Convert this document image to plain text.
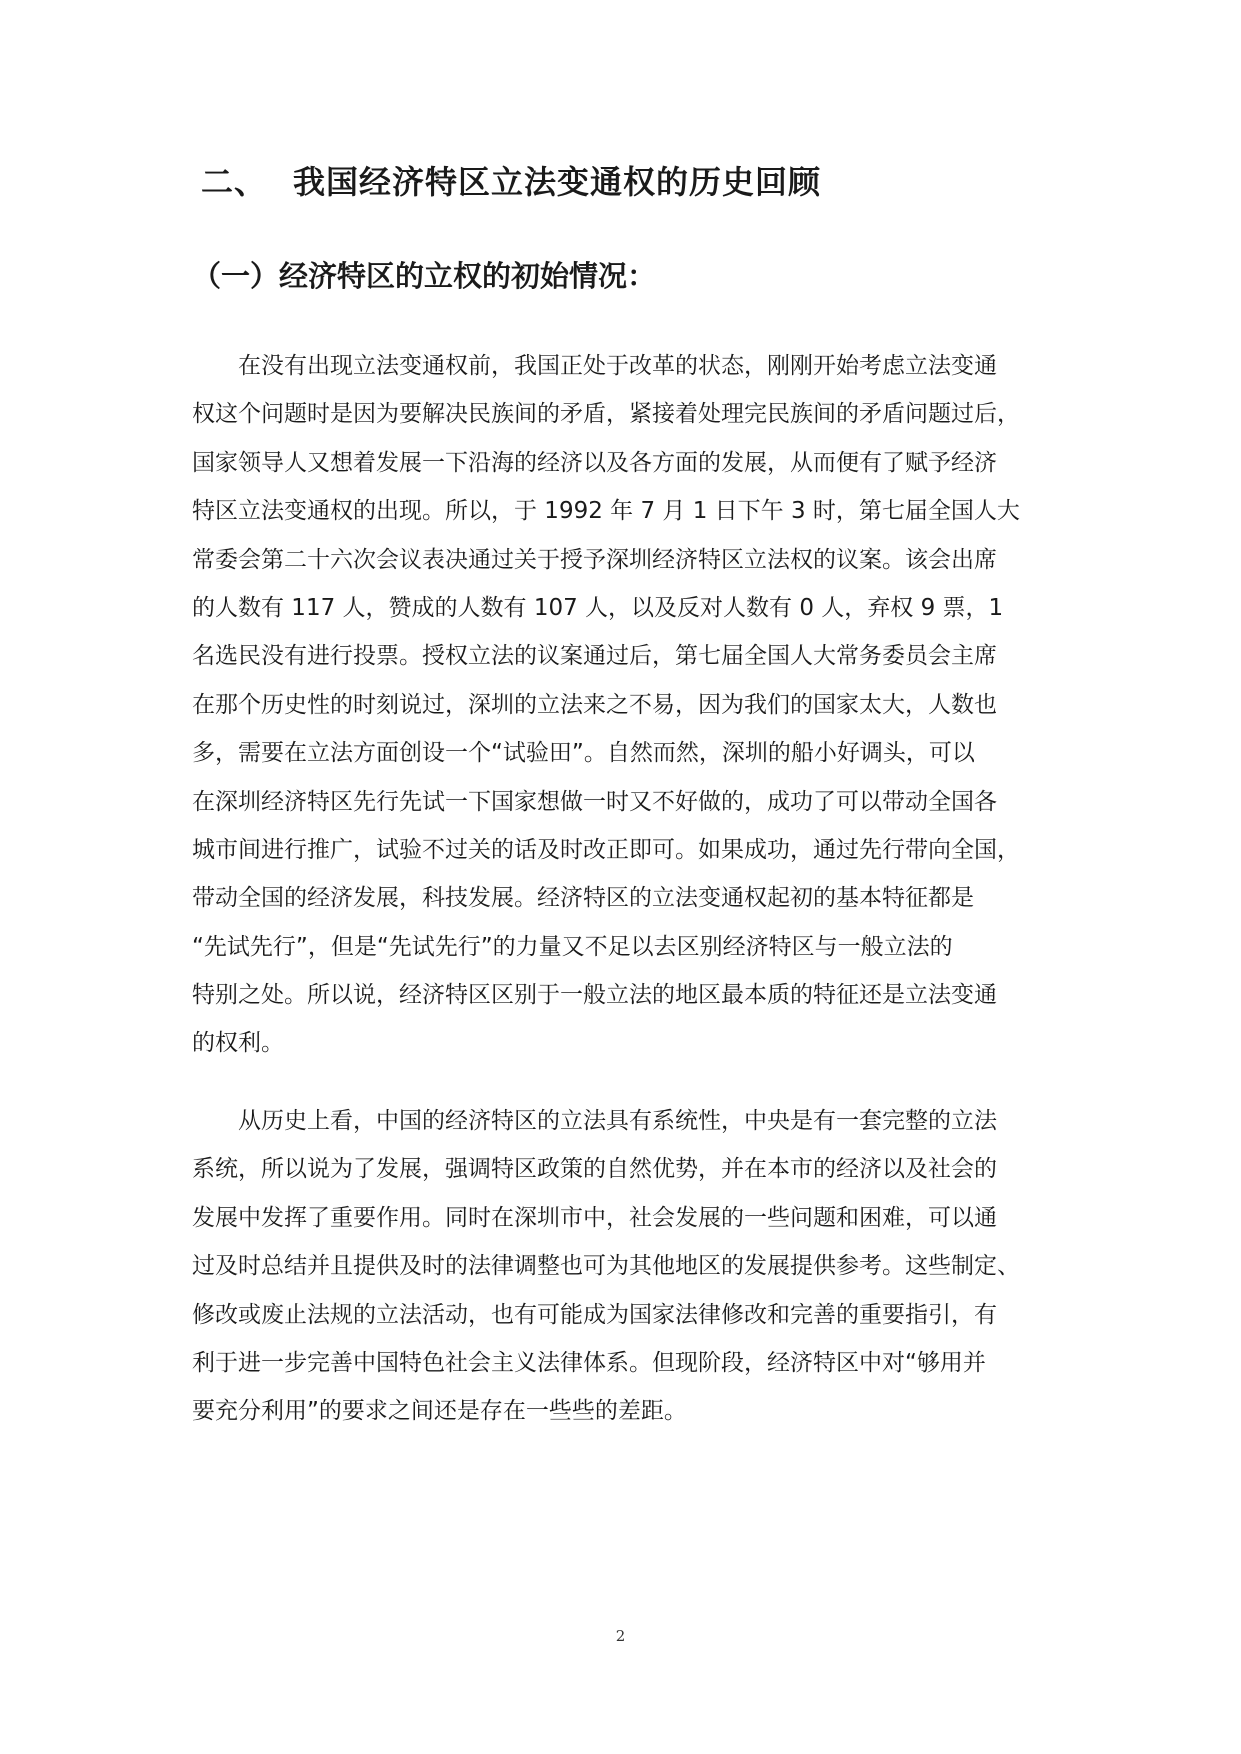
二、 我国经济特区立法变通权的历史回顾
（一）经济特区的立权的初始情况：
　　在没有出现立法变通权前，我国正处于改革的状态，刚刚开始考虑立法变通
权这个问题时是因为要解决民族间的矛盾，紧接着处理完民族间的矛盾问题过后，
国家领导人又想着发展一下沿海的经济以及各方面的发展，从而便有了赋予经济
特区立法变通权的出现。所以，于 1992 年 7 月 1 日下午 3 时，第七届全国人大
常委会第二十六次会议表决通过关于授予深圳经济特区立法权的议案。该会出席
的人数有 117 人，赞成的人数有 107 人，以及反对人数有 0 人，弃权 9 票，1
名选民没有进行投票。授权立法的议案通过后，第七届全国人大常务委员会主席
在那个历史性的时刻说过，深圳的立法来之不易，因为我们的国家太大，人数也
多，需要在立法方面创设一个“试验田”。自然而然，深圳的船小好调头，可以
在深圳经济特区先行先试一下国家想做一时又不好做的，成功了可以带动全国各
城市间进行推广，试验不过关的话及时改正即可。如果成功，通过先行带向全国，
带动全国的经济发展，科技发展。经济特区的立法变通权起初的基本特征都是
“先试先行”，但是“先试先行”的力量又不足以去区别经济特区与一般立法的
特别之处。所以说，经济特区区别于一般立法的地区最本质的特征还是立法变通
的权利。
　　从历史上看，中国的经济特区的立法具有系统性，中央是有一套完整的立法
系统，所以说为了发展，强调特区政策的自然优势，并在本市的经济以及社会的
发展中发挥了重要作用。同时在深圳市中，社会发展的一些问题和困难，可以通
过及时总结并且提供及时的法律调整也可为其他地区的发展提供参考。这些制定、
修改或废止法规的立法活动，也有可能成为国家法律修改和完善的重要指引，有
利于进一步完善中国特色社会主义法律体系。但现阶段，经济特区中对“够用并
要充分利用”的要求之间还是存在一些些的差距。
2
